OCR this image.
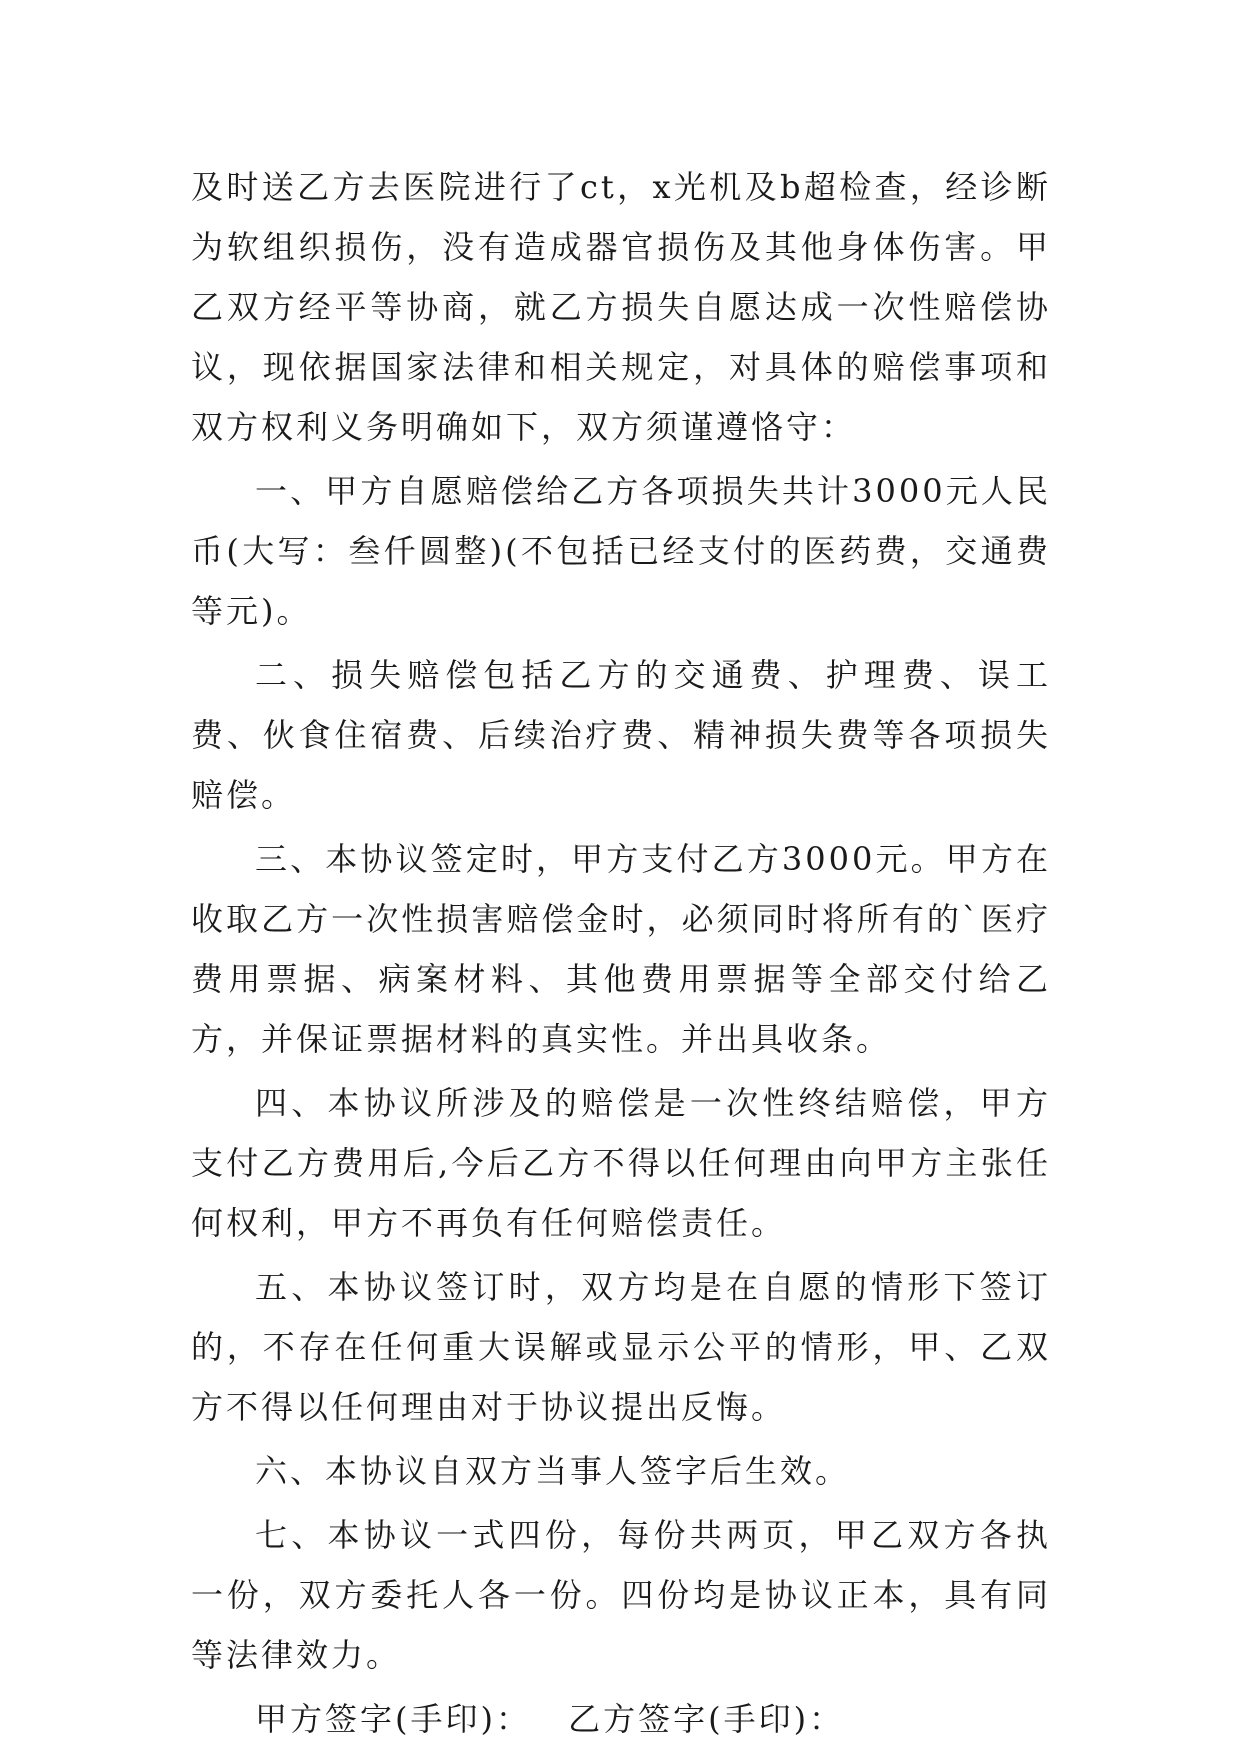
及时送乙方去医院进行了ct，x光机及b超检查，经诊断为软组织损伤，没有造成器官损伤及其他身体伤害。甲乙双方经平等协商，就乙方损失自愿达成一次性赔偿协议，现依据国家法律和相关规定，对具体的赔偿事项和双方权利义务明确如下，双方须谨遵恪守：

一、甲方自愿赔偿给乙方各项损失共计3000元人民币(大写：叁仟圆整)(不包括已经支付的医药费，交通费等元)。

二、损失赔偿包括乙方的交通费、护理费、误工费、伙食住宿费、后续治疗费、精神损失费等各项损失赔偿。

三、本协议签定时，甲方支付乙方3000元。甲方在收取乙方一次性损害赔偿金时，必须同时将所有的`医疗费用票据、病案材料、其他费用票据等全部交付给乙方，并保证票据材料的真实性。并出具收条。

四、本协议所涉及的赔偿是一次性终结赔偿，甲方支付乙方费用后,今后乙方不得以任何理由向甲方主张任何权利，甲方不再负有任何赔偿责任。

五、本协议签订时，双方均是在自愿的情形下签订的，不存在任何重大误解或显示公平的情形，甲、乙双方不得以任何理由对于协议提出反悔。

六、本协议自双方当事人签字后生效。

七、本协议一式四份，每份共两页，甲乙双方各执一份，双方委托人各一份。四份均是协议正本，具有同等法律效力。

甲方签字(手印)： 乙方签字(手印)：
